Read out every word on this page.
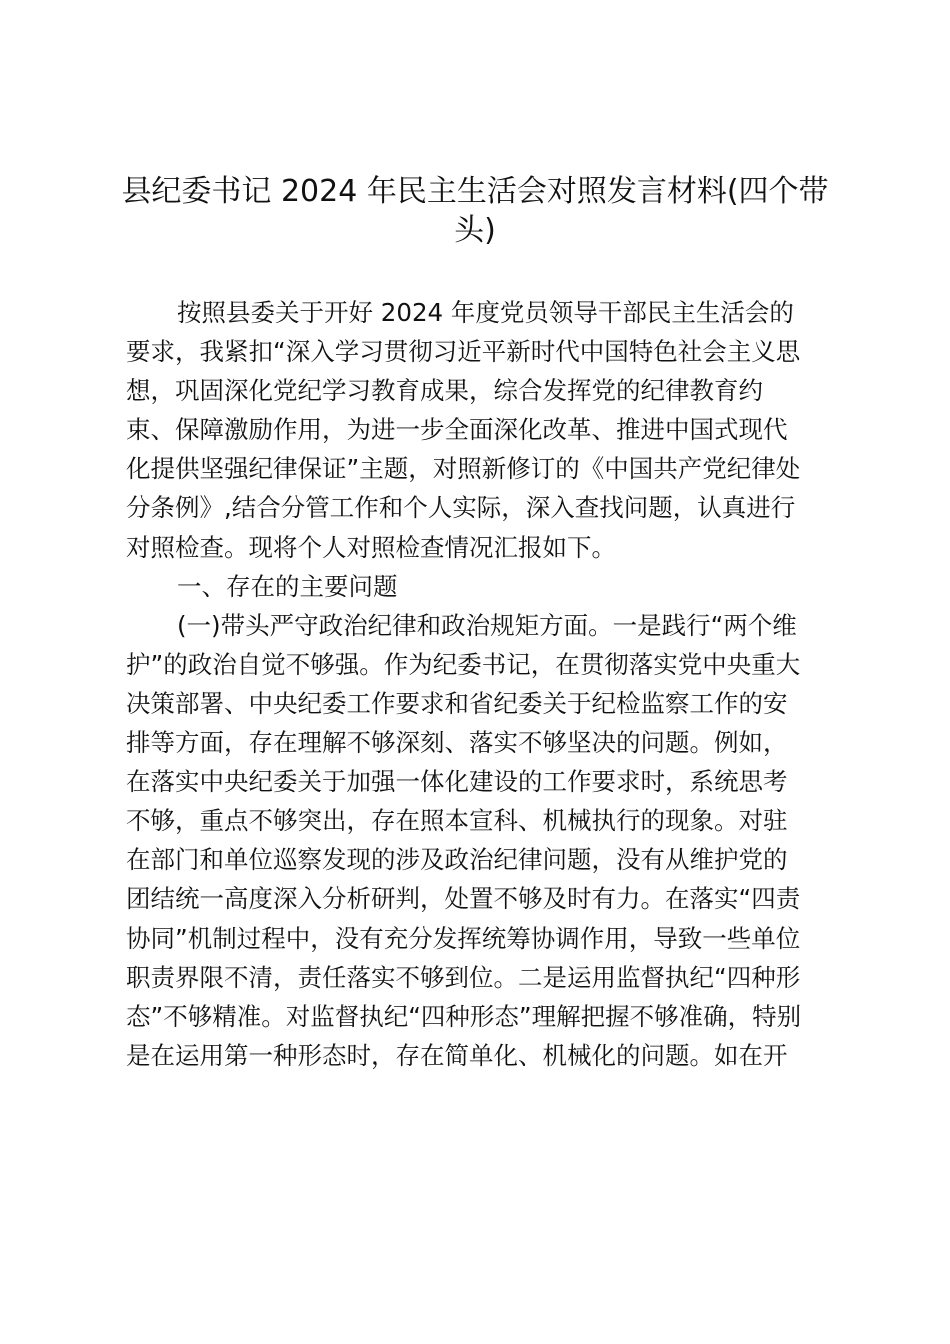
县纪委书记 2024 年民主生活会对照发言材料(四个带
头)

按照县委关于开好 2024 年度党员领导干部民主生活会的
要求，我紧扣“深入学习贯彻习近平新时代中国特色社会主义思
想，巩固深化党纪学习教育成果，综合发挥党的纪律教育约
束、保障激励作用，为进一步全面深化改革、推进中国式现代
化提供坚强纪律保证”主题，对照新修订的《中国共产党纪律处
分条例》,结合分管工作和个人实际，深入查找问题，认真进行
对照检查。现将个人对照检查情况汇报如下。

一、存在的主要问题

(一)带头严守政治纪律和政治规矩方面。一是践行“两个维
护”的政治自觉不够强。作为纪委书记，在贯彻落实党中央重大
决策部署、中央纪委工作要求和省纪委关于纪检监察工作的安
排等方面，存在理解不够深刻、落实不够坚决的问题。例如，
在落实中央纪委关于加强一体化建设的工作要求时，系统思考
不够，重点不够突出，存在照本宣科、机械执行的现象。对驻
在部门和单位巡察发现的涉及政治纪律问题，没有从维护党的
团结统一高度深入分析研判，处置不够及时有力。在落实“四责
协同”机制过程中，没有充分发挥统筹协调作用，导致一些单位
职责界限不清，责任落实不够到位。二是运用监督执纪“四种形
态”不够精准。对监督执纪“四种形态”理解把握不够准确，特别
是在运用第一种形态时，存在简单化、机械化的问题。如在开
